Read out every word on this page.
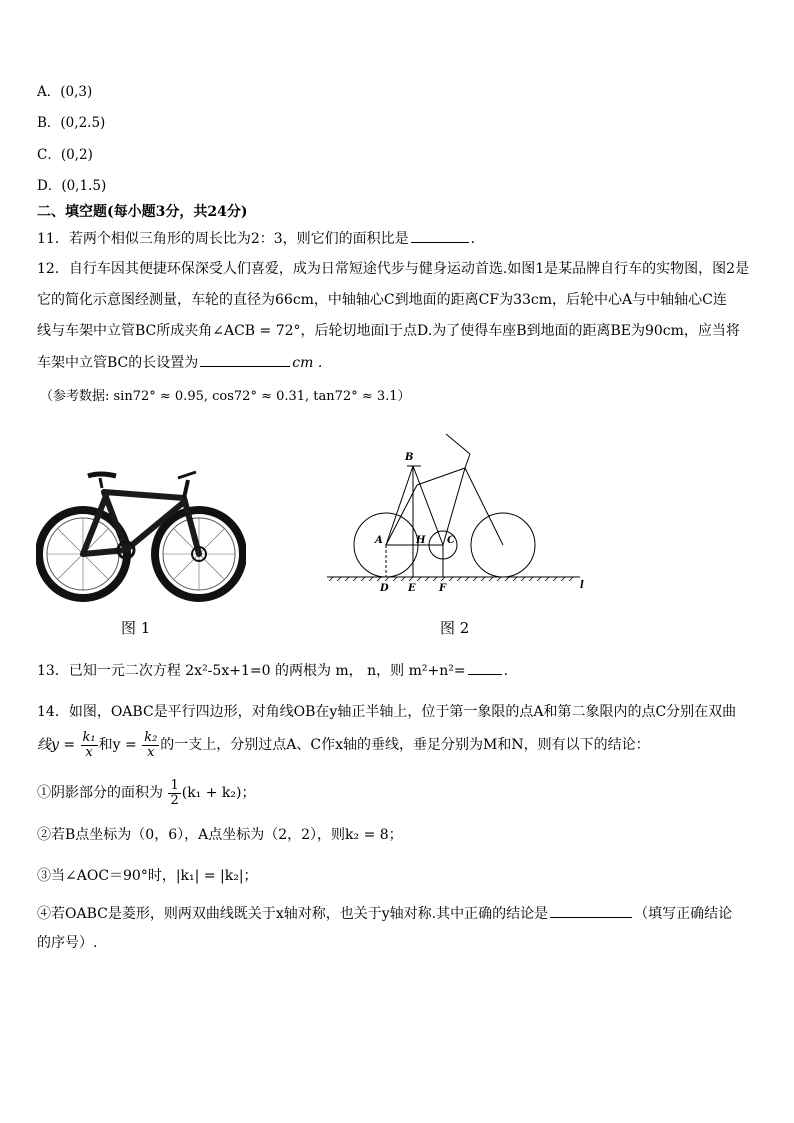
A．(0,3)
B．(0,2.5)
C．(0,2)
D．(0,1.5)
二、填空题(每小题3分，共24分)
11．若两个相似三角形的周长比为2：3，则它们的面积比是	.
12．自行车因其便捷环保深受人们喜爱，成为日常短途代步与健身运动首选.如图1是某品牌自行车的实物图，图2是
它的简化示意图经测量，车轮的直径为66cm，中轴轴心C到地面的距离CF为33cm，后轮中心A与中轴轴心C连
线与车架中立管BC所成夹角∠ACB = 72°，后轮切地面l于点D.为了使得车座B到地面的距离BE为90cm，应当将
车架中立管BC的长设置为	cm .
（参考数据: sin72° ≈ 0.95, cos72° ≈ 0.31, tan72° ≈ 3.1）
图 1
B
A	H C
D E F	l
图 2
13．已知一元二次方程 2x²-5x+1=0 的两根为 m， n，则 m²+n²=	.
14．如图，OABC是平行四边形，对角线OB在y轴正半轴上，位于第一象限的点A和第二象限内的点C分别在双曲
线$y = \frac{\text{k₁}}{x}$ 和$y = \frac{\text{k₂}}{x}$ 的一支上，分别过点A、C作x轴的垂线，垂足分别为M和N，则有以下的结论：
①阴影部分的面积为 $\frac{1}{2} (k_1 + k_2)$；
②若B点坐标为（0，6），A点坐标为（2，2），则k₂ = 8；
③当∠AOC＝90°时，|k₁| = |k₂|；
④若OABC是菱形，则两双曲线既关于x轴对称，也关于y轴对称.其中正确的结论是	（填写正确结论
的序号）.
